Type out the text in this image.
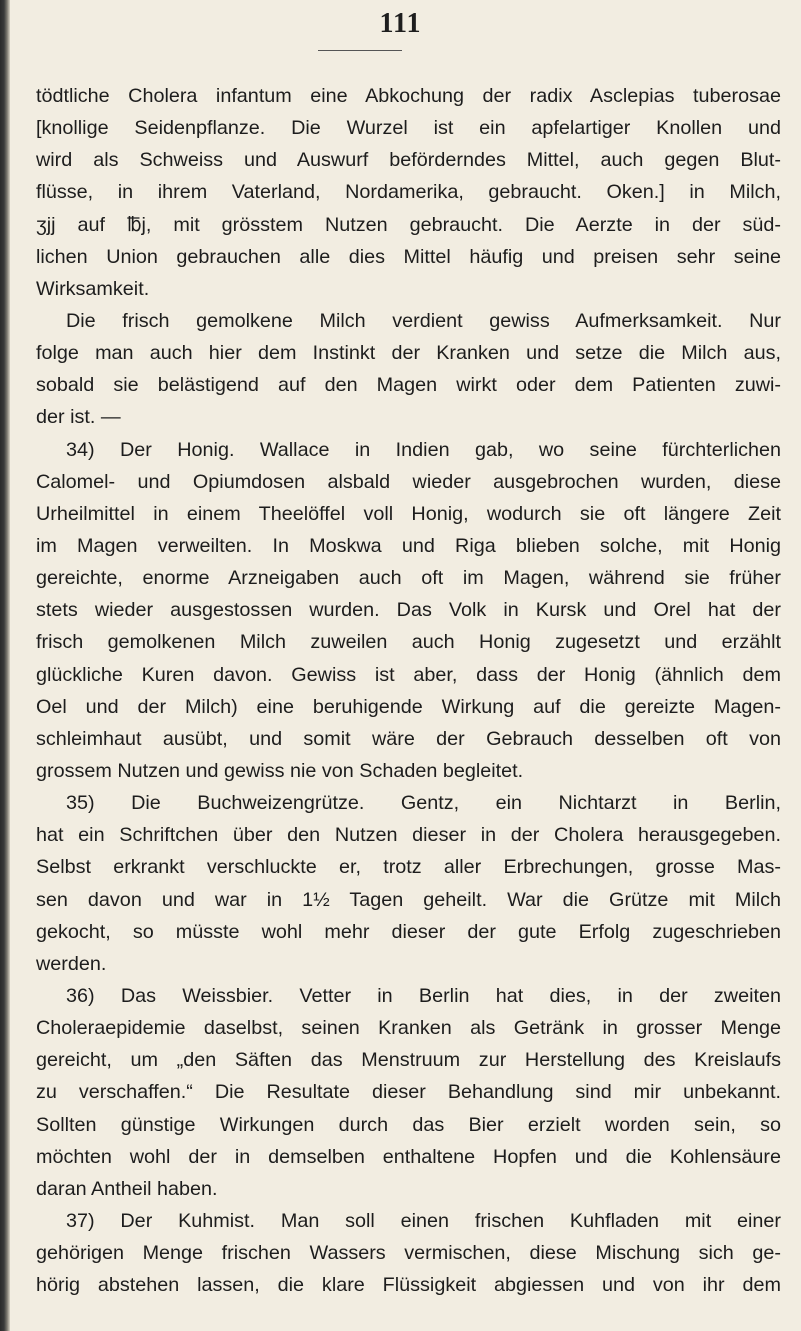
111
tödtliche Cholera infantum eine Abkochung der radix Asclepias tuberosae
[knollige Seidenpflanze. Die Wurzel ist ein apfelartiger Knollen und
wird als Schweiss und Auswurf beförderndes Mittel, auch gegen Blut-
flüsse, in ihrem Vaterland, Nordamerika, gebraucht. Oken.] in Milch,
ʒjj auf ℔j, mit grösstem Nutzen gebraucht. Die Aerzte in der süd-
lichen Union gebrauchen alle dies Mittel häufig und preisen sehr seine
Wirksamkeit.
Die frisch gemolkene Milch verdient gewiss Aufmerksamkeit. Nur
folge man auch hier dem Instinkt der Kranken und setze die Milch aus,
sobald sie belästigend auf den Magen wirkt oder dem Patienten zuwi-
der ist. —
34) Der Honig. Wallace in Indien gab, wo seine fürchterlichen
Calomel- und Opiumdosen alsbald wieder ausgebrochen wurden, diese
Urheilmittel in einem Theelöffel voll Honig, wodurch sie oft längere Zeit
im Magen verweilten. In Moskwa und Riga blieben solche, mit Honig
gereichte, enorme Arzneigaben auch oft im Magen, während sie früher
stets wieder ausgestossen wurden. Das Volk in Kursk und Orel hat der
frisch gemolkenen Milch zuweilen auch Honig zugesetzt und erzählt
glückliche Kuren davon. Gewiss ist aber, dass der Honig (ähnlich dem
Oel und der Milch) eine beruhigende Wirkung auf die gereizte Magen-
schleimhaut ausübt, und somit wäre der Gebrauch desselben oft von
grossem Nutzen und gewiss nie von Schaden begleitet.
35) Die Buchweizengrütze. Gentz, ein Nichtarzt in Berlin,
hat ein Schriftchen über den Nutzen dieser in der Cholera herausgegeben.
Selbst erkrankt verschluckte er, trotz aller Erbrechungen, grosse Mas-
sen davon und war in 1½ Tagen geheilt. War die Grütze mit Milch
gekocht, so müsste wohl mehr dieser der gute Erfolg zugeschrieben
werden.
36) Das Weissbier. Vetter in Berlin hat dies, in der zweiten
Choleraepidemie daselbst, seinen Kranken als Getränk in grosser Menge
gereicht, um „den Säften das Menstruum zur Herstellung des Kreislaufs
zu verschaffen.“ Die Resultate dieser Behandlung sind mir unbekannt.
Sollten günstige Wirkungen durch das Bier erzielt worden sein, so
möchten wohl der in demselben enthaltene Hopfen und die Kohlensäure
daran Antheil haben.
37) Der Kuhmist. Man soll einen frischen Kuhfladen mit einer
gehörigen Menge frischen Wassers vermischen, diese Mischung sich ge-
hörig abstehen lassen, die klare Flüssigkeit abgiessen und von ihr dem
